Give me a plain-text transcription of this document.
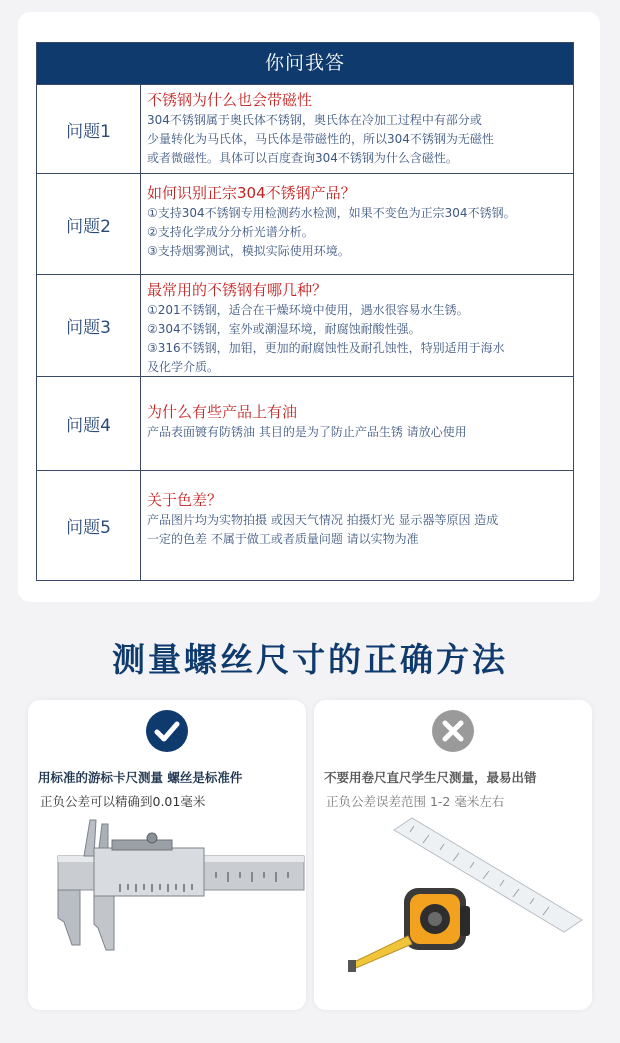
你问我答
问题1
不锈钢为什么也会带磁性
304不锈钢属于奥氏体不锈钢，奥氏体在冷加工过程中有部分或
少量转化为马氏体，马氏体是带磁性的，所以304不锈钢为无磁性
或者微磁性。具体可以百度查询304不锈钢为什么含磁性。
问题2
如何识别正宗304不锈钢产品？
①支持304不锈钢专用检测药水检测，如果不变色为正宗304不锈钢。
②支持化学成分分析光谱分析。
③支持烟雾测试，模拟实际使用环境。
问题3
最常用的不锈钢有哪几种？
①201不锈钢，适合在干燥环境中使用，遇水很容易水生锈。
②304不锈钢，室外或潮湿环境，耐腐蚀耐酸性强。
③316不锈钢，加钼，更加的耐腐蚀性及耐孔蚀性，特别适用于海水
及化学介质。
问题4
为什么有些产品上有油
产品表面镀有防锈油 其目的是为了防止产品生锈 请放心使用
问题5
关于色差？
产品图片均为实物拍摄 或因天气情况 拍摄灯光 显示器等原因 造成
一定的色差 不属于做工或者质量问题 请以实物为准
测量螺丝尺寸的正确方法
用标准的游标卡尺测量 螺丝是标准件
正负公差可以精确到0.01毫米
不要用卷尺直尺学生尺测量，最易出错
正负公差误差范围 1-2 毫米左右
